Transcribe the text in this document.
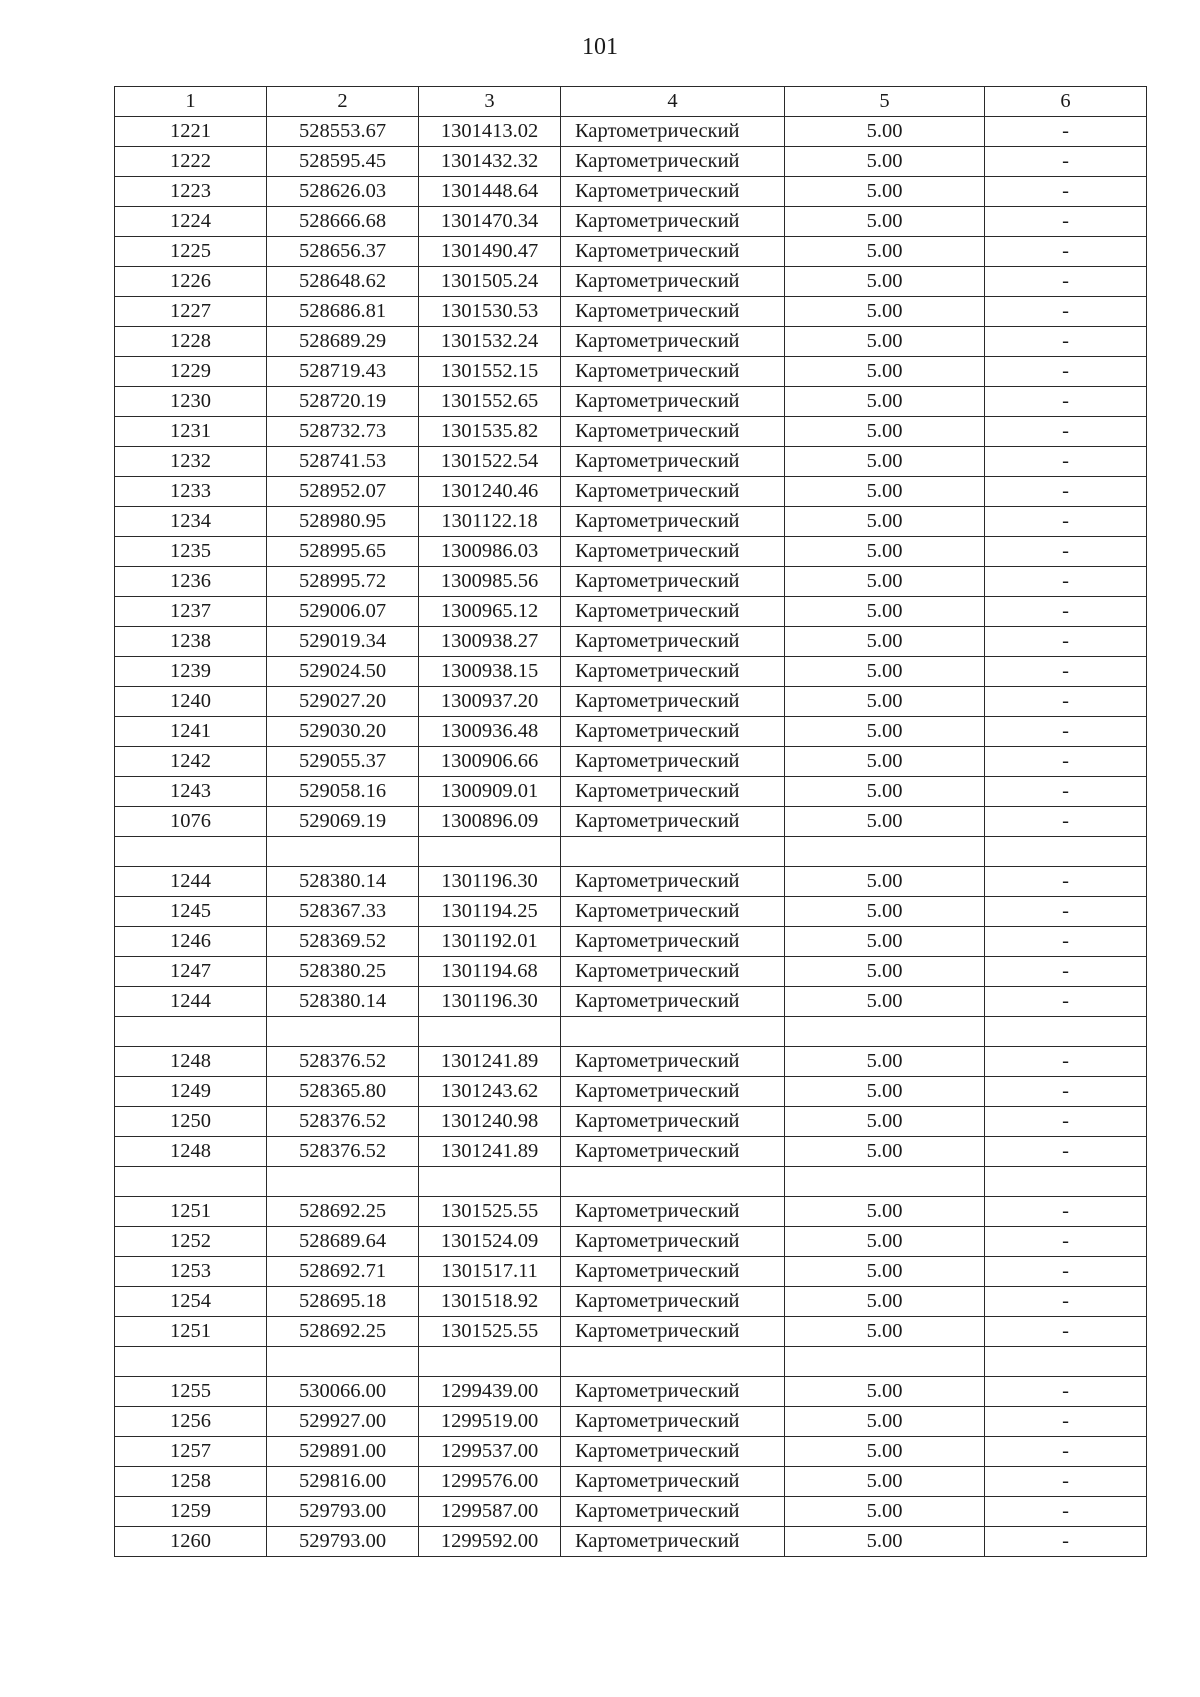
101
1	2	3	4	5	6
1221	528553.67	1301413.02	Картометрический	5.00	-
1222	528595.45	1301432.32	Картометрический	5.00	-
1223	528626.03	1301448.64	Картометрический	5.00	-
1224	528666.68	1301470.34	Картометрический	5.00	-
1225	528656.37	1301490.47	Картометрический	5.00	-
1226	528648.62	1301505.24	Картометрический	5.00	-
1227	528686.81	1301530.53	Картометрический	5.00	-
1228	528689.29	1301532.24	Картометрический	5.00	-
1229	528719.43	1301552.15	Картометрический	5.00	-
1230	528720.19	1301552.65	Картометрический	5.00	-
1231	528732.73	1301535.82	Картометрический	5.00	-
1232	528741.53	1301522.54	Картометрический	5.00	-
1233	528952.07	1301240.46	Картометрический	5.00	-
1234	528980.95	1301122.18	Картометрический	5.00	-
1235	528995.65	1300986.03	Картометрический	5.00	-
1236	528995.72	1300985.56	Картометрический	5.00	-
1237	529006.07	1300965.12	Картометрический	5.00	-
1238	529019.34	1300938.27	Картометрический	5.00	-
1239	529024.50	1300938.15	Картометрический	5.00	-
1240	529027.20	1300937.20	Картометрический	5.00	-
1241	529030.20	1300936.48	Картометрический	5.00	-
1242	529055.37	1300906.66	Картометрический	5.00	-
1243	529058.16	1300909.01	Картометрический	5.00	-
1076	529069.19	1300896.09	Картометрический	5.00	-

1244	528380.14	1301196.30	Картометрический	5.00	-
1245	528367.33	1301194.25	Картометрический	5.00	-
1246	528369.52	1301192.01	Картометрический	5.00	-
1247	528380.25	1301194.68	Картометрический	5.00	-
1244	528380.14	1301196.30	Картометрический	5.00	-

1248	528376.52	1301241.89	Картометрический	5.00	-
1249	528365.80	1301243.62	Картометрический	5.00	-
1250	528376.52	1301240.98	Картометрический	5.00	-
1248	528376.52	1301241.89	Картометрический	5.00	-

1251	528692.25	1301525.55	Картометрический	5.00	-
1252	528689.64	1301524.09	Картометрический	5.00	-
1253	528692.71	1301517.11	Картометрический	5.00	-
1254	528695.18	1301518.92	Картометрический	5.00	-
1251	528692.25	1301525.55	Картометрический	5.00	-

1255	530066.00	1299439.00	Картометрический	5.00	-
1256	529927.00	1299519.00	Картометрический	5.00	-
1257	529891.00	1299537.00	Картометрический	5.00	-
1258	529816.00	1299576.00	Картометрический	5.00	-
1259	529793.00	1299587.00	Картометрический	5.00	-
1260	529793.00	1299592.00	Картометрический	5.00	-
